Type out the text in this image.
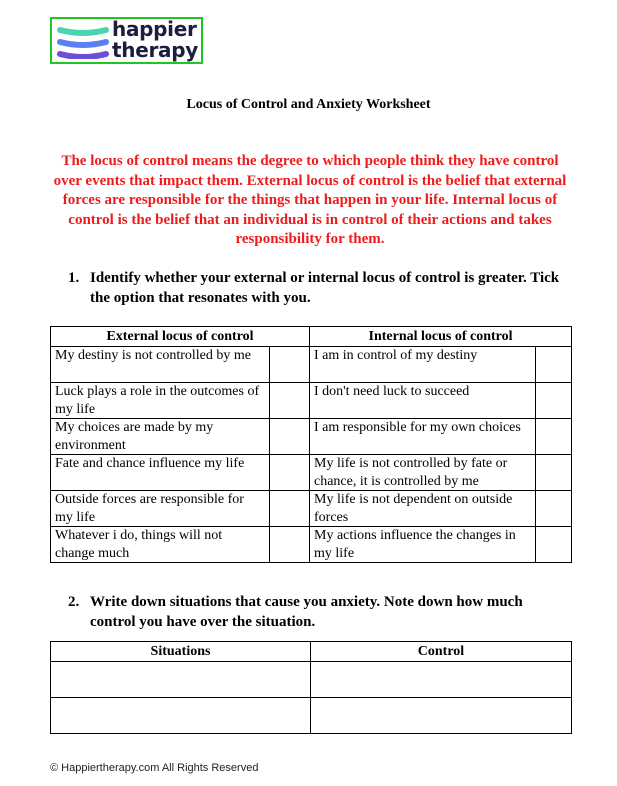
happier
therapy
Locus of Control and Anxiety Worksheet
The locus of control means the degree to which people think they have control over events that impact them. External locus of control is the belief that external forces are responsible for the things that happen in your life. Internal locus of control is the belief that an individual is in control of their actions and takes responsibility for them.
1. Identify whether your external or internal locus of control is greater. Tick the option that resonates with you.
External locus of control		Internal locus of control	
My destiny is not controlled by me		I am in control of my destiny	
Luck plays a role in the outcomes of my life		I don't need luck to succeed	
My choices are made by my environment		I am responsible for my own choices	
Fate and chance influence my life		My life is not controlled by fate or chance, it is controlled by me	
Outside forces are responsible for my life		My life is not dependent on outside forces	
Whatever i do, things will not change much		My actions influence the changes in my life	
2. Write down situations that cause you anxiety. Note down how much control you have over the situation.
Situations	Control

© Happiertherapy.com All Rights Reserved
